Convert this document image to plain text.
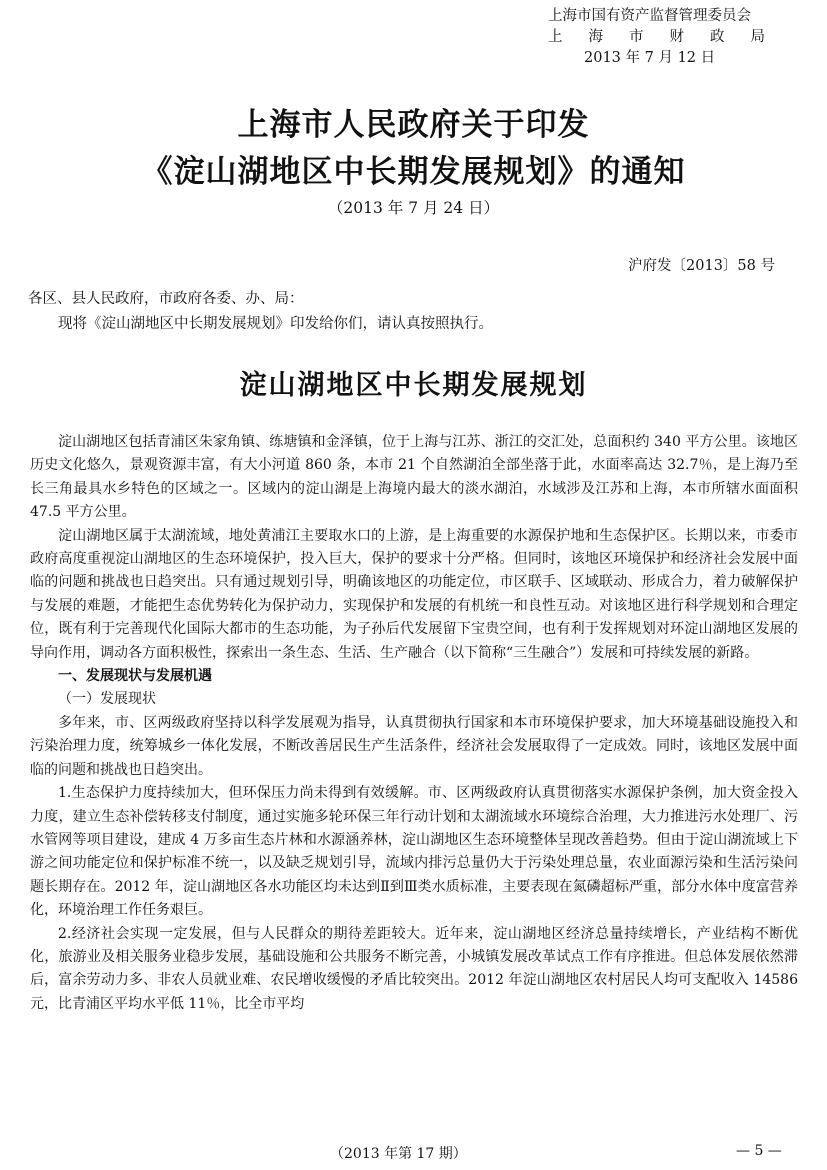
上海市国有资产监督管理委员会
上海市财政局
2013 年 7 月 12 日
上海市人民政府关于印发
《淀山湖地区中长期发展规划》的通知
（2013 年 7 月 24 日）
沪府发〔2013〕58 号
各区、县人民政府，市政府各委、办、局：
现将《淀山湖地区中长期发展规划》印发给你们，请认真按照执行。
淀山湖地区中长期发展规划

淀山湖地区包括青浦区朱家角镇、练塘镇和金泽镇，位于上海与江苏、浙江的交汇处，总面积约 340 平方公里。该地区历史文化悠久，景观资源丰富，有大小河道 860 条，本市 21 个自然湖泊全部坐落于此，水面率高达 32.7％，是上海乃至长三角最具水乡特色的区域之一。区域内的淀山湖是上海境内最大的淡水湖泊，水域涉及江苏和上海，本市所辖水面面积 47.5 平方公里。

淀山湖地区属于太湖流域，地处黄浦江主要取水口的上游，是上海重要的水源保护地和生态保护区。长期以来，市委市政府高度重视淀山湖地区的生态环境保护，投入巨大，保护的要求十分严格。但同时，该地区环境保护和经济社会发展中面临的问题和挑战也日趋突出。只有通过规划引导，明确该地区的功能定位，市区联手、区域联动、形成合力，着力破解保护与发展的难题，才能把生态优势转化为保护动力，实现保护和发展的有机统一和良性互动。对该地区进行科学规划和合理定位，既有利于完善现代化国际大都市的生态功能，为子孙后代发展留下宝贵空间，也有利于发挥规划对环淀山湖地区发展的导向作用，调动各方面积极性，探索出一条生态、生活、生产融合（以下简称“三生融合”）发展和可持续发展的新路。

一、发展现状与发展机遇

（一）发展现状

多年来，市、区两级政府坚持以科学发展观为指导，认真贯彻执行国家和本市环境保护要求，加大环境基础设施投入和污染治理力度，统筹城乡一体化发展，不断改善居民生产生活条件，经济社会发展取得了一定成效。同时，该地区发展中面临的问题和挑战也日趋突出。

1.生态保护力度持续加大，但环保压力尚未得到有效缓解。市、区两级政府认真贯彻落实水源保护条例，加大资金投入力度，建立生态补偿转移支付制度，通过实施多轮环保三年行动计划和太湖流域水环境综合治理，大力推进污水处理厂、污水管网等项目建设，建成 4 万多亩生态片林和水源涵养林，淀山湖地区生态环境整体呈现改善趋势。但由于淀山湖流域上下游之间功能定位和保护标准不统一，以及缺乏规划引导，流域内排污总量仍大于污染处理总量，农业面源污染和生活污染问题长期存在。2012 年，淀山湖地区各水功能区均未达到Ⅱ到Ⅲ类水质标准，主要表现在氮磷超标严重，部分水体中度富营养化，环境治理工作任务艰巨。

2.经济社会实现一定发展，但与人民群众的期待差距较大。近年来，淀山湖地区经济总量持续增长，产业结构不断优化，旅游业及相关服务业稳步发展，基础设施和公共服务不断完善，小城镇发展改革试点工作有序推进。但总体发展依然滞后，富余劳动力多、非农人员就业难、农民增收缓慢的矛盾比较突出。2012 年淀山湖地区农村居民人均可支配收入 14586 元，比青浦区平均水平低 11％，比全市平均

（2013 年第 17 期）	— 5 —
